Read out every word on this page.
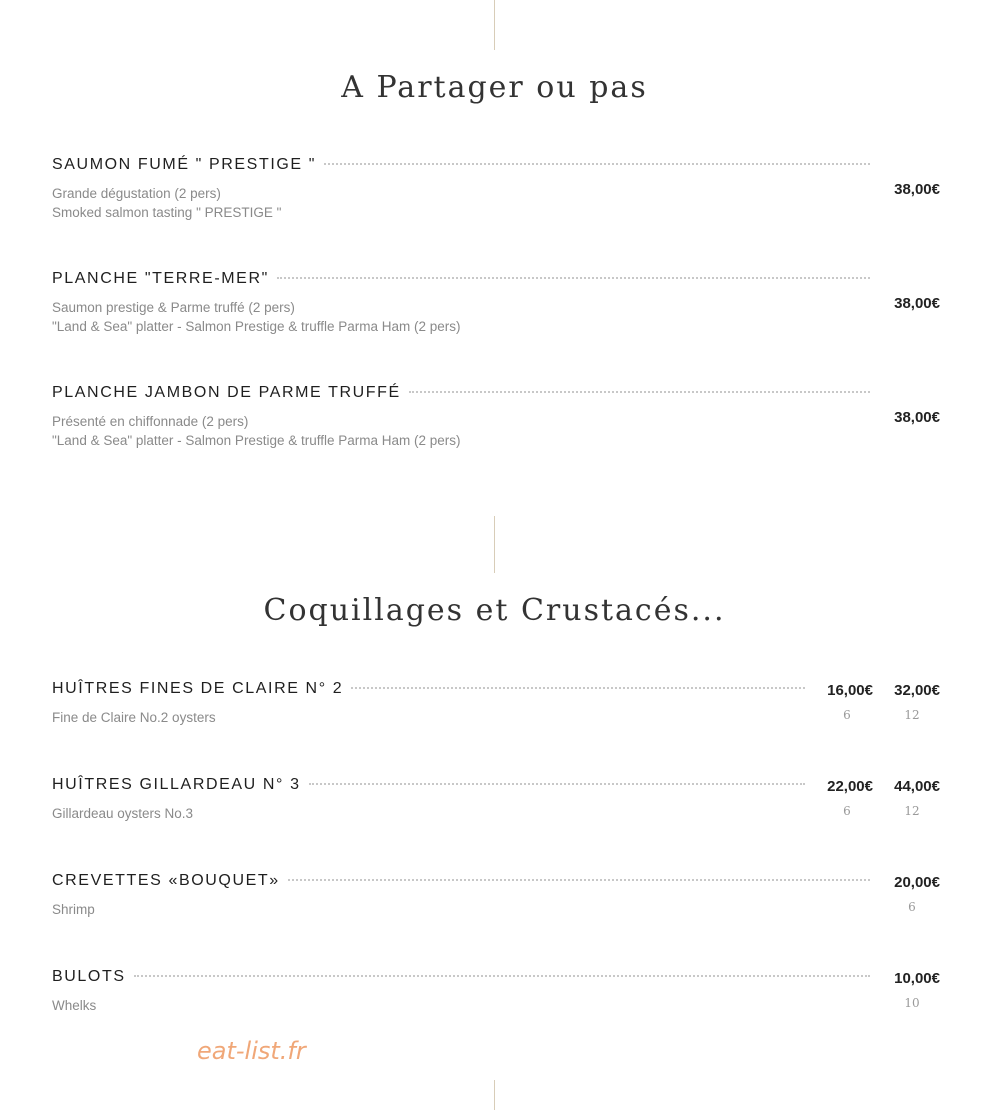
A Partager ou pas
SAUMON FUMÉ " PRESTIGE "
Grande dégustation (2 pers)
Smoked salmon tasting " PRESTIGE "
38,00€
PLANCHE "TERRE-MER"
Saumon prestige & Parme truffé (2 pers)
"Land & Sea" platter - Salmon Prestige & truffle Parma Ham (2 pers)
38,00€
PLANCHE JAMBON DE PARME TRUFFÉ
Présenté en chiffonnade (2 pers)
"Land & Sea" platter - Salmon Prestige & truffle Parma Ham (2 pers)
38,00€
Coquillages et Crustacés...
HUÎTRES FINES DE CLAIRE N° 2
Fine de Claire No.2 oysters
16,00€	32,00€
6	12
HUÎTRES GILLARDEAU N° 3
Gillardeau oysters No.3
22,00€	44,00€
6	12
CREVETTES «BOUQUET»
Shrimp
20,00€
6
BULOTS
Whelks
10,00€
10
eat-list.fr
